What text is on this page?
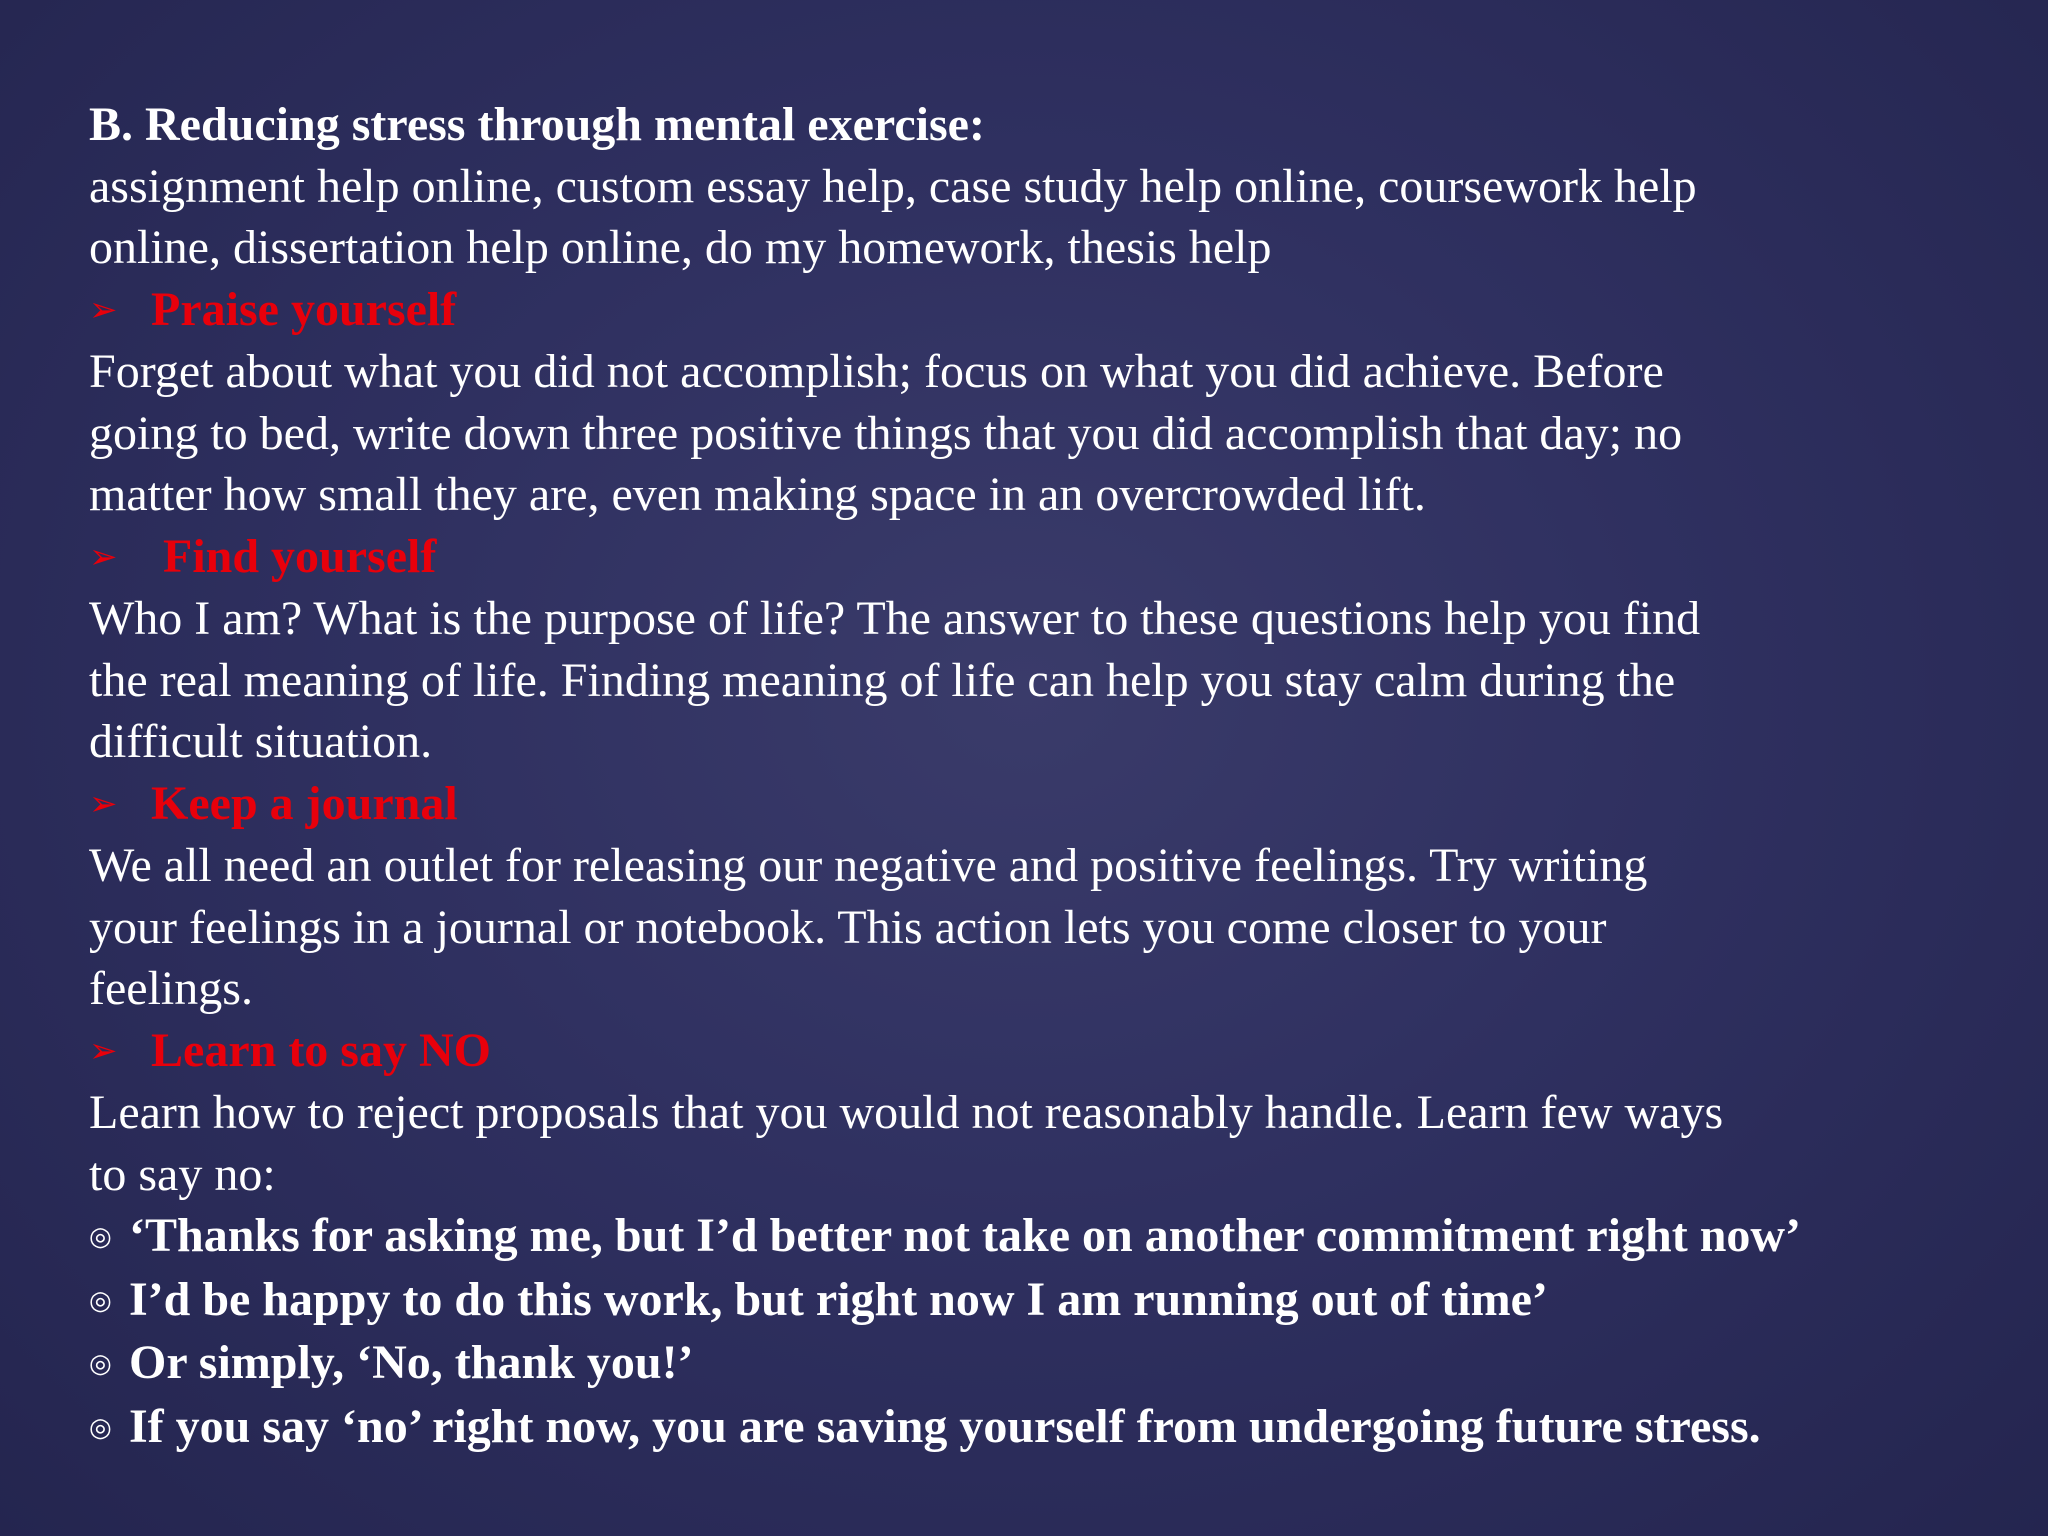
B. Reducing stress through mental exercise:
assignment help online, custom essay help, case study help online, coursework help
online, dissertation help online, do my homework, thesis help
➢ Praise yourself
Forget about what you did not accomplish; focus on what you did achieve. Before
going to bed, write down three positive things that you did accomplish that day; no
matter how small they are, even making space in an overcrowded lift.
➢ Find yourself
Who I am? What is the purpose of life? The answer to these questions help you find
the real meaning of life. Finding meaning of life can help you stay calm during the
difficult situation.
➢ Keep a journal
We all need an outlet for releasing our negative and positive feelings. Try writing
your feelings in a journal or notebook. This action lets you come closer to your
feelings.
➢ Learn to say NO
Learn how to reject proposals that you would not reasonably handle. Learn few ways
to say no:
◎ ‘Thanks for asking me, but I’d better not take on another commitment right now’
◎ I’d be happy to do this work, but right now I am running out of time’
◎ Or simply, ‘No, thank you!’
◎ If you say ‘no’ right now, you are saving yourself from undergoing future stress.
